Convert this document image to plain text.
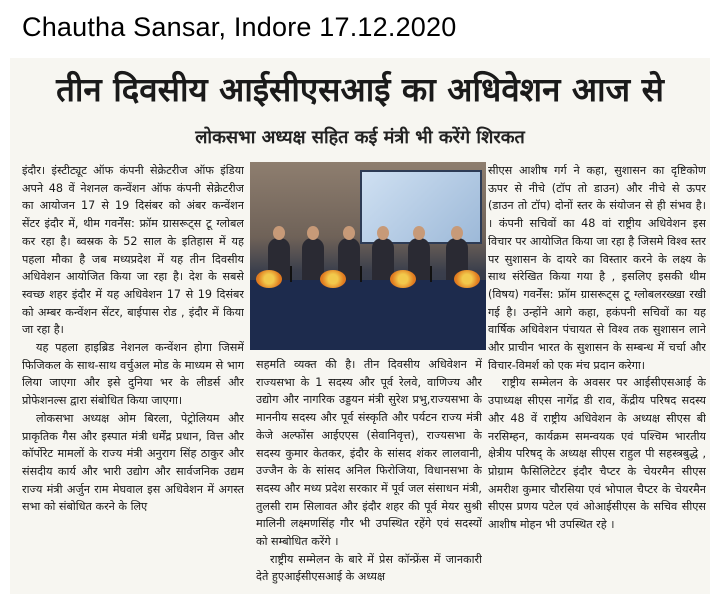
Chautha Sansar, Indore 17.12.2020
तीन दिवसीय आईसीएसआई का अधिवेशन आज से
लोकसभा अध्यक्ष सहित कई मंत्री भी करेंगे शिरकत

इंदौर। इंस्टीट्यूट ऑफ कंपनी सेक्रेटरीज ऑफ इंडिया अपने 48 वें नेशनल कन्वेंशन ऑफ कंपनी सेक्रेटरीज का आयोजन 17 से 19 दिसंबर को अंबर कन्वेंशन सेंटर इंदौर में, थीम गवर्नेंस: फ्रॉम ग्रासरूट्स टू ग्लोबल कर रहा है। ब्वस्रक के 52 साल के इतिहास में यह पहला मौका है जब मध्यप्रदेश में यह तीन दिवसीय अधिवेशन आयोजित किया जा रहा है। देश के सबसे स्वच्छ शहर इंदौर में यह अधिवेशन 17 से 19 दिसंबर को अम्बर कन्वेंशन सेंटर, बाईपास रोड , इंदौर में किया जा रहा है।

यह पहला हाइब्रिड नेशनल कन्वेंशन होगा जिसमें फिजिकल के साथ-साथ वर्चुअल मोड के माध्यम से भाग लिया जाएगा और इसे दुनिया भर के लीडर्स और प्रोफेशनल्स द्वारा संबोधित किया जाएगा।

लोकसभा अध्यक्ष ओम बिरला, पेट्रोलियम और प्राकृतिक गैस और इस्पात मंत्री धर्मेंद्र प्रधान, वित्त और कॉर्पोरेट मामलों के राज्य मंत्री अनुराग सिंह ठाकुर और संसदीय कार्य और भारी उद्योग और सार्वजनिक उद्यम राज्य मंत्री अर्जुन राम मेघवाल इस अधिवेशन में अगस्त सभा को संबोधित करने के लिए

सहमति व्यक्त की है। तीन दिवसीय अधिवेशन में राज्यसभा के 1 सदस्य और पूर्व रेलवे, वाणिज्य और उद्योग और नागरिक उड्डयन मंत्री सुरेश प्रभु,राज्यसभा के माननीय सदस्य और पूर्व संस्कृति और पर्यटन राज्य मंत्री केजे अल्फोंस आईएएस (सेवानिवृत्त), राज्यसभा के सदस्य कुमार केतकर, इंदौर के सांसद शंकर लालवानी, उज्जैन के के सांसद अनिल फिरोजिया, विधानसभा के सदस्य और मध्य प्रदेश सरकार में पूर्व जल संसाधन मंत्री, तुलसी राम सिलावत और इंदौर शहर की पूर्व मेयर सुश्री मालिनी लक्ष्मणसिंह गौर भी उपस्थित रहेंगे एवं सदस्यों को सम्बोधित करेंगे ।

राष्ट्रीय सम्मेलन के बारे में प्रेस कॉन्फ्रेंस में जानकारी देते हुएआईसीएसआई के अध्यक्ष

सीएस आशीष गर्ग ने कहा, सुशासन का दृष्टिकोण ऊपर से नीचे (टॉप तो डाउन) और नीचे से ऊपर (डाउन तो टॉप) दोनों स्तर के संयोजन से ही संभव है। । कंपनी सचिवों का 48 वां राष्ट्रीय अधिवेशन इस विचार पर आयोजित किया जा रहा है जिसमे विश्व स्तर पर सुशासन के दायरे का विस्तार करने के लक्ष्य के साथ संरेखित किया गया है , इसलिए इसकी थीम (विषय) गवर्नेंस: फ्रॉम ग्रासरूट्स टू ग्लोबलरख्खा रखी गई है। उन्होंने आगे कहा, हकंपनी सचिवों का यह वार्षिक अधिवेशन पंचायत से विश्व तक सुशासन लाने और प्राचीन भारत के सुशासन के सम्बन्ध में चर्चा और विचार-विमर्श को एक मंच प्रदान करेगा।

राष्ट्रीय सम्मेलन के अवसर पर आईसीएसआई के उपाध्यक्ष सीएस नागेंद्र डी राव, केंद्रीय परिषद सदस्य और 48 वें राष्ट्रीय अधिवेशन के अध्यक्ष सीएस बी नरसिम्हन, कार्यक्रम समन्वयक एवं पश्चिम भारतीय क्षेत्रीय परिषद् के अध्यक्ष सीएस राहुल पी सहस्त्रबुद्धे , प्रोग्राम फैसिलिटेटर इंदौर चैप्टर के चेयरमैन सीएस अमरीश कुमार चौरसिया एवं भोपाल चैप्टर के चेयरमैन सीएस प्रणय पटेल एवं ओआईसीएस के सचिव सीएस आशीष मोहन भी उपस्थित रहे ।
